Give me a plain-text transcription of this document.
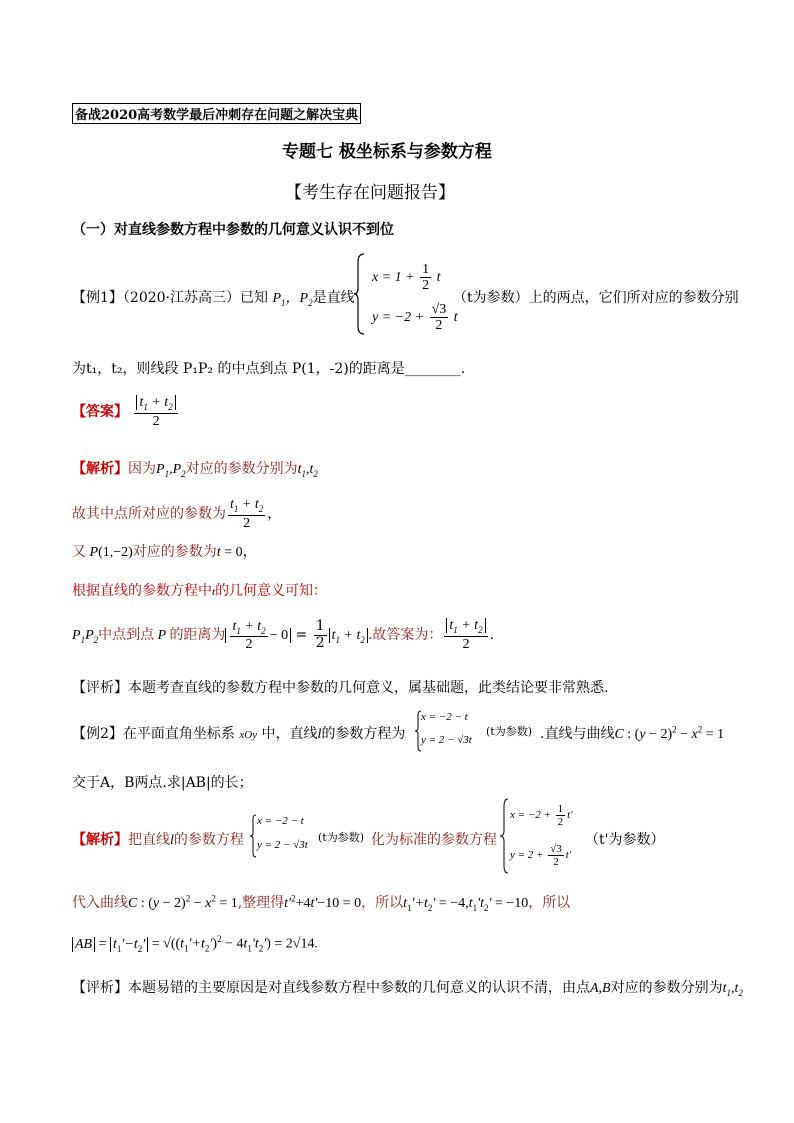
备战2020高考数学最后冲刺存在问题之解决宝典
专题七 极坐标系与参数方程
【考生存在问题报告】
（一）对直线参数方程中参数的几何意义认识不到位
【例1】（2020·江苏高三）已知 $P_1$，$P_2$是直线
$x = 1 + \frac{1}{2}$ t
$y = -2 + \frac{√3}{2}$ t
（t为参数）上的两点，它们所对应的参数分别
为t₁，t₂，则线段 P₁P₂ 的中点到点 P(1，-2)的距离是________.
【答案】 $\frac{t_1 + t_2}{2}$
【解析】因为$P_1,P_2$对应的参数分别为$t_1,t_2$
故其中点所对应的参数为 $\frac{t_1 + t_2}{2}$ ，
又 P(1,−2)对应的参数为t = 0，
根据直线的参数方程中t的几何意义可知：
$P_1P_2$中点到点 P 的距离为 $\frac{t_1 + t_2}{2} - 0 = \frac{1}{2} t_1 + t_2$ .故答案为： $\frac{t_1 + t_2}{2}$ .
【评析】本题考查直线的参数方程中参数的几何意义，属基础题，此类结论要非常熟悉.
【例2】在平面直角坐标系 xOy 中，直线l的参数方程为
x = −2 − t
y = 2 − √3t
(t为参数) .直线与曲线C : $(y - 2)^2 - x^2 = 1$
交于A，B两点.求|AB|的长；
【解析】把直线l的参数方程
x = −2 − t
y = 2 − √3t
(t为参数) 化为标准的参数方程
$x = -2 + \frac{1}{2} t'$
$y = 2 + \frac{√3}{2} t'$
（t'为参数）
代入曲线C : $(y - 2)^2 - x^2 = 1$,整理得$t'^2+4t'-10 = 0$，所以$t_1'+t_2' = -4,t_1't_2' = -10$，所以
AB = $t_1'-t_2' = √((t_1'+t_2')^2 - 4t_1't_2') = 2√14$.
【评析】本题易错的主要原因是对直线参数方程中参数的几何意义的认识不清，由点A,B对应的参数分别为$t_1,t_2$
